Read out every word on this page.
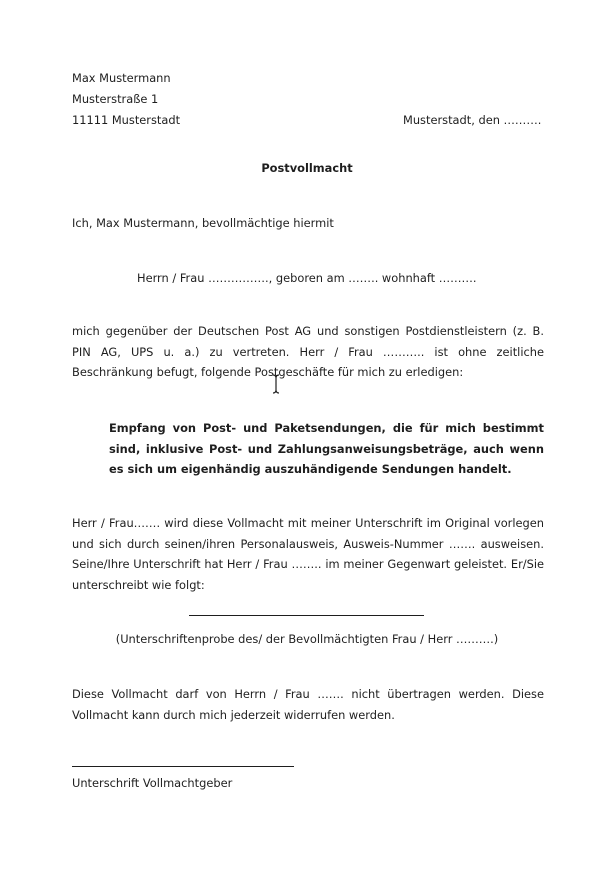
Max Mustermann
Musterstraße 1
11111 Musterstadt	Musterstadt, den ……….
Postvollmacht
Ich, Max Mustermann, bevollmächtige hiermit
Herrn / Frau ……………., geboren am …….. wohnhaft ……….
mich gegenüber der Deutschen Post AG und sonstigen Postdienstleistern (z. B. PIN AG, UPS u. a.) zu vertreten. Herr / Frau ……….. ist ohne zeitliche Beschränkung befugt, folgende Postgeschäfte für mich zu erledigen:
Empfang von Post- und Paketsendungen, die für mich bestimmt sind, inklusive Post- und Zahlungsanweisungsbeträge, auch wenn es sich um eigenhändig auszuhändigende Sendungen handelt.
Herr / Frau……. wird diese Vollmacht mit meiner Unterschrift im Original vorlegen und sich durch seinen/ihren Personalausweis, Ausweis-Nummer ……. ausweisen. Seine/Ihre Unterschrift hat Herr / Frau …….. im meiner Gegenwart geleistet. Er/Sie unterschreibt wie folgt:
(Unterschriftenprobe des/ der Bevollmächtigten Frau / Herr ……….)
Diese Vollmacht darf von Herrn / Frau ……. nicht übertragen werden. Diese Vollmacht kann durch mich jederzeit widerrufen werden.
Unterschrift Vollmachtgeber
